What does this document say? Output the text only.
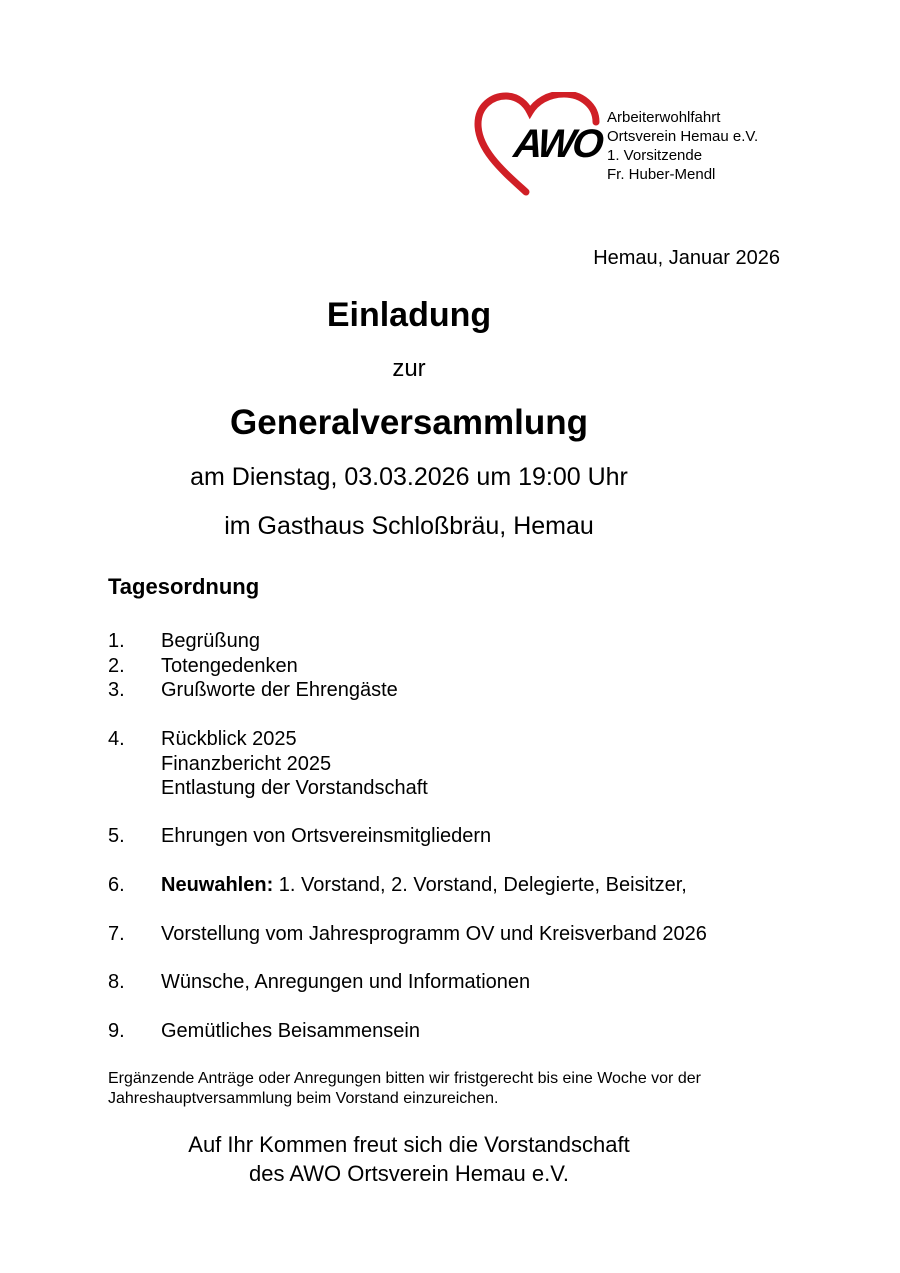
AWO
Arbeiterwohlfahrt
Ortsverein Hemau e.V.
1. Vorsitzende
Fr. Huber-Mendl
Hemau, Januar 2026
Einladung
zur
Generalversammlung
am Dienstag, 03.03.2026 um 19:00 Uhr
im Gasthaus Schloßbräu, Hemau
Tagesordnung
1.	Begrüßung
2.	Totengedenken
3.	Grußworte der Ehrengäste
4.	Rückblick 2025
Finanzbericht 2025
Entlastung der Vorstandschaft
5.	Ehrungen von Ortsvereinsmitgliedern
6.	Neuwahlen: 1. Vorstand, 2. Vorstand, Delegierte, Beisitzer,
7.	Vorstellung vom Jahresprogramm OV und Kreisverband 2026
8.	Wünsche, Anregungen und Informationen
9.	Gemütliches Beisammensein
Ergänzende Anträge oder Anregungen bitten wir fristgerecht bis eine Woche vor der
Jahreshauptversammlung beim Vorstand einzureichen.
Auf Ihr Kommen freut sich die Vorstandschaft
des AWO Ortsverein Hemau e.V.
